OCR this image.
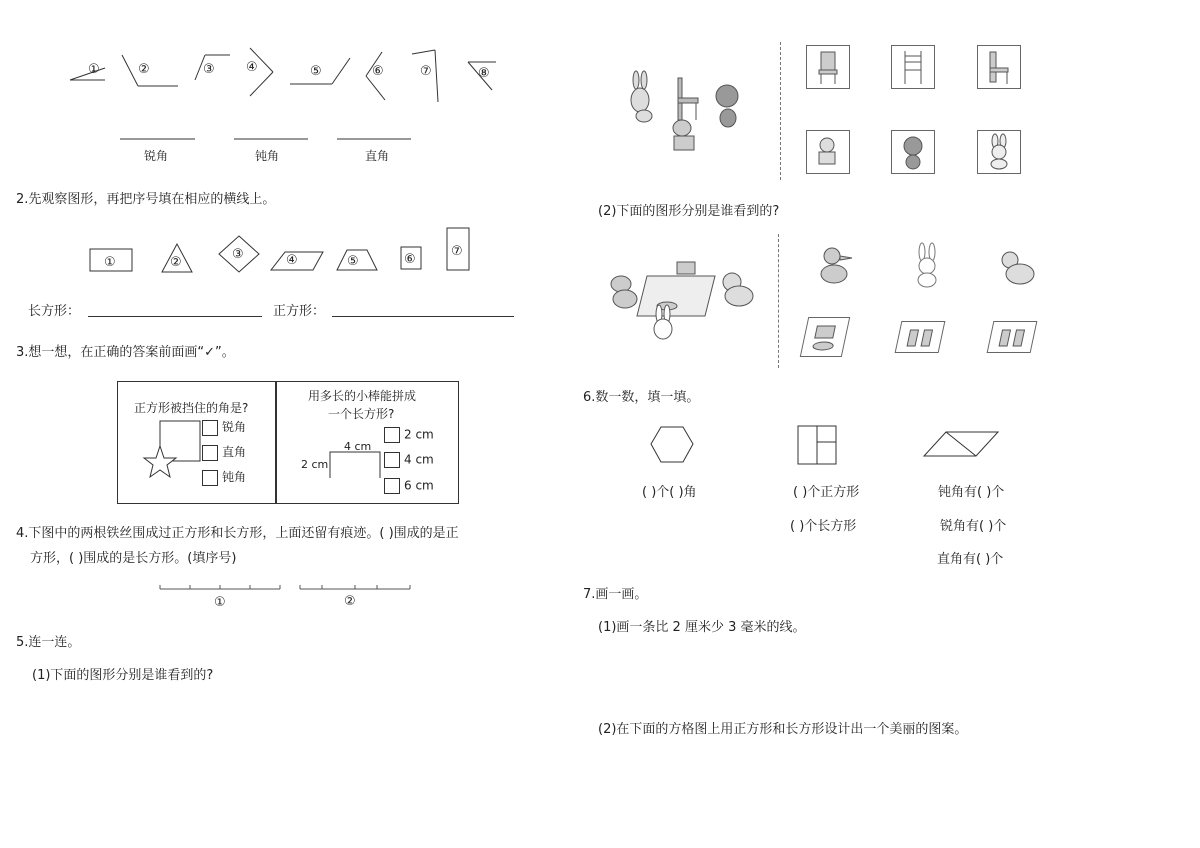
①	②	③ ④	⑤	⑥	⑦	⑧
锐角	钝角	直角
2.先观察图形，再把序号填在相应的横线上。
①	②
③	④	⑤	⑥
⑦
长方形：	正方形：
3.想一想，在正确的答案前面画“✓”。
正方形被挡住的角是?
锐角
直角
钝角
用多长的小棒能拼成
一个长方形?
4 cm
2 cm
2 cm
4 cm
6 cm
4.下图中的两根铁丝围成过正方形和长方形，上面还留有痕迹。( )围成的是正
方形，( )围成的是长方形。(填序号)
①	②
5.连一连。
(1)下面的图形分别是谁看到的?
(2)下面的图形分别是谁看到的?
6.数一数，填一填。
( )个( )角	( )个正方形
( )个长方形
钝角有( )个
锐角有( )个
直角有( )个
7.画一画。
(1)画一条比 2 厘米少 3 毫米的线。
(2)在下面的方格图上用正方形和长方形设计出一个美丽的图案。
